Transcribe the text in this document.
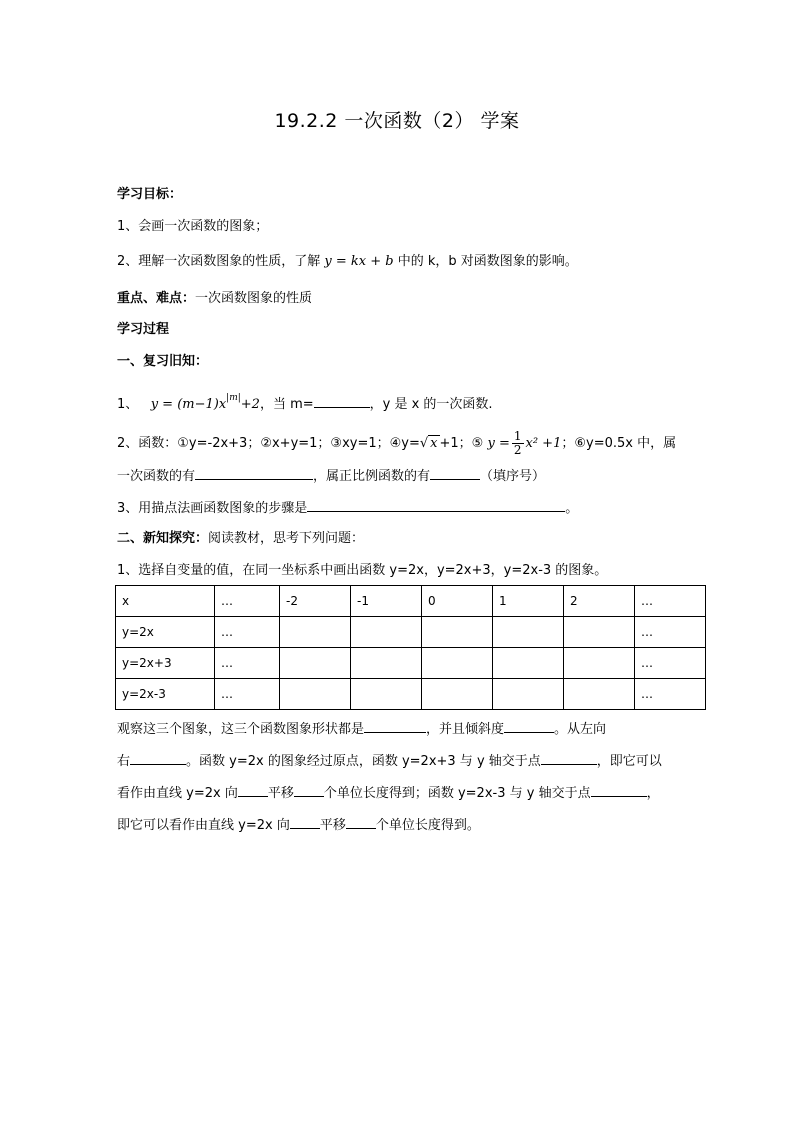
19.2.2 一次函数（2） 学案
学习目标：
1、会画一次函数的图象；
2、理解一次函数图象的性质，了解 y = kx + b 中的 k，b 对函数图象的影响。
重点、难点：一次函数图象的性质
学习过程
一、复习旧知：
1、 $y = (m-1)x^{|m|}+2$，当 m=	，y 是 x 的一次函数.
2、函数：①y=-2x+3；②x+y=1；③xy=1；④y=√ x +1；⑤ $y = \frac{1}{2} x^2 +1$；⑥y=0.5x 中，属
一次函数的有	，属正比例函数的有	（填序号）
3、用描点法画函数图象的步骤是	。
二、新知探究：阅读教材，思考下列问题：
1、选择自变量的值，在同一坐标系中画出函数 y=2x，y=2x+3，y=2x-3 的图象。
x	…	-2	-1	0	1	2	…
y=2x	…						…
y=2x+3	…						…
y=2x-3	…						…
观察这三个图象，这三个函数图象形状都是	，并且倾斜度	。从左向
右	。函数 y=2x 的图象经过原点，函数 y=2x+3 与 y 轴交于点	，即它可以
看作由直线 y=2x 向 平移 个单位长度得到；函数 y=2x-3 与 y 轴交于点	，
即它可以看作由直线 y=2x 向 平移 个单位长度得到。
